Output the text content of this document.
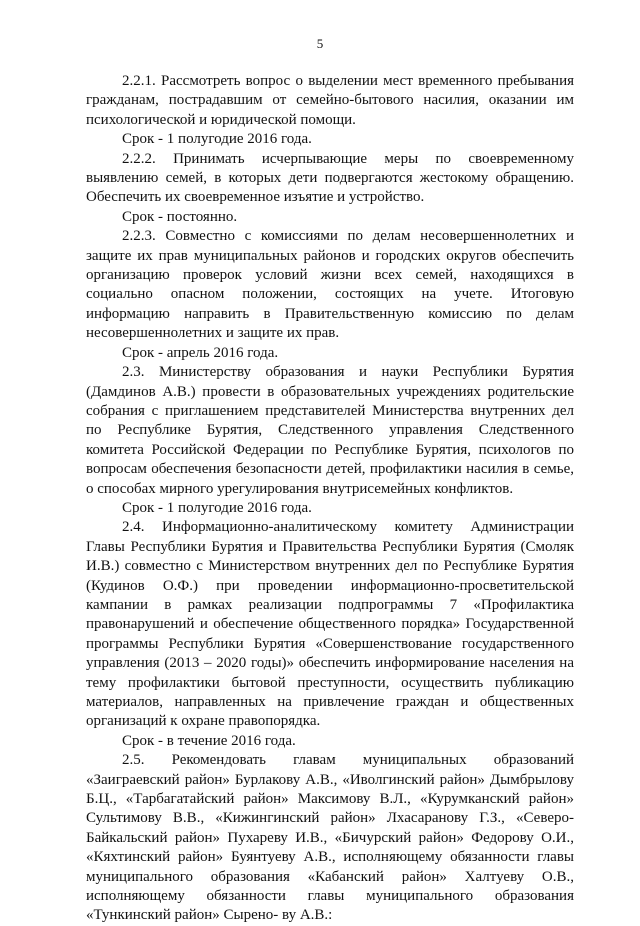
5

2.2.1. Рассмотреть вопрос о выделении мест временного пребывания гражданам, пострадавшим от семейно-бытового насилия, оказании им психологической и юридической помощи.

Срок - 1 полугодие 2016 года.

2.2.2. Принимать исчерпывающие меры по своевременному выявлению семей, в которых дети подвергаются жестокому обращению. Обеспечить их своевременное изъятие и устройство.

Срок - постоянно.

2.2.3. Совместно с комиссиями по делам несовершеннолетних и защите их прав муниципальных районов и городских округов обеспечить организацию проверок условий жизни всех семей, находящихся в социально опасном положении, состоящих на учете. Итоговую информацию направить в Правительственную комиссию по делам несовершеннолетних и защите их прав.

Срок - апрель 2016 года.

2.3. Министерству образования и науки Республики Бурятия (Дамдинов А.В.) провести в образовательных учреждениях родительские собрания с приглашением представителей Министерства внутренних дел по Республике Бурятия, Следственного управления Следственного комитета Российской Федерации по Республике Бурятия, психологов по вопросам обеспечения безопасности детей, профилактики насилия в семье, о способах мирного урегулирования внутрисемейных конфликтов.

Срок - 1 полугодие 2016 года.

2.4. Информационно-аналитическому комитету Администрации Главы Республики Бурятия и Правительства Республики Бурятия (Смоляк И.В.) совместно с Министерством внутренних дел по Республике Бурятия (Кудинов О.Ф.) при проведении информационно-просветительской кампании в рамках реализации подпрограммы 7 «Профилактика правонарушений и обеспечение общественного порядка» Государственной программы Республики Бурятия «Совершенствование государственного управления (2013 – 2020 годы)» обеспечить информирование населения на тему профилактики бытовой преступности, осуществить публикацию материалов, направленных на привлечение граждан и общественных организаций к охране правопорядка.

Срок - в течение 2016 года.

2.5. Рекомендовать главам муниципальных образований «Заиграевский район» Бурлакову А.В., «Иволгинский район» Дымбрылову Б.Ц., «Тарбагатайский район» Максимову В.Л., «Курумканский район» Сультимову В.В., «Кижингинский район» Лхасаранову Г.З., «Северо-Байкальский район» Пухареву И.В., «Бичурский район» Федорову О.И., «Кяхтинский район» Буянтуеву А.В., исполняющему обязанности главы муниципального образования «Кабанский район» Халтуеву О.В., исполняющему обязанности главы муниципального образования «Тункинский район» Сырено- ву А.В.:
